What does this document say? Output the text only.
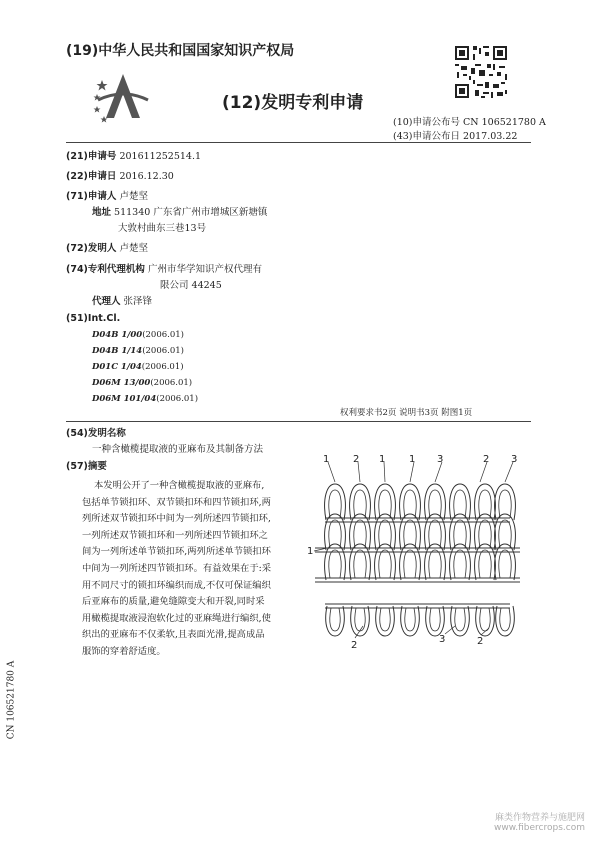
(19)中华人民共和国国家知识产权局
(12)发明专利申请
(10)申请公布号 CN 106521780 A
(43)申请公布日 2017.03.22
(21)申请号 201611252514.1
(22)申请日 2016.12.30
(71)申请人 卢楚坚
地址 511340 广东省广州市增城区新塘镇
大敦村曲东三巷13号
(72)发明人 卢楚坚
(74)专利代理机构 广州市华学知识产权代理有
限公司 44245
代理人 张泽锋
(51)Int.Cl.
D04B 1/00(2006.01)
D04B 1/14(2006.01)
D01C 1/04(2006.01)
D06M 13/00(2006.01)
D06M 101/04(2006.01)
权利要求书2页 说明书3页 附图1页
(54)发明名称
一种含橄榄提取液的亚麻布及其制备方法
(57)摘要
本发明公开了一种含橄榄提取液的亚麻布,
包括单节锁扣环、双节锁扣环和四节锁扣环,两
列所述双节锁扣环中间为一列所述四节锁扣环,
一列所述双节锁扣环和一列所述四节锁扣环之
间为一列所述单节锁扣环,两列所述单节锁扣环
中间为一列所述四节锁扣环。有益效果在于:采
用不同尺寸的锁扣环编织而成,不仅可保证编织
后亚麻布的质量,避免缝隙变大和开裂,同时采
用橄榄提取液浸泡软化过的亚麻绳进行编织,使
织出的亚麻布不仅柔软,且表面光滑,提高成品
服饰的穿着舒适度。
1 2 1 1 3	2 3
1
2
3	2
CN 106521780 A
麻类作物营养与施肥网
www.fibercrops.com
